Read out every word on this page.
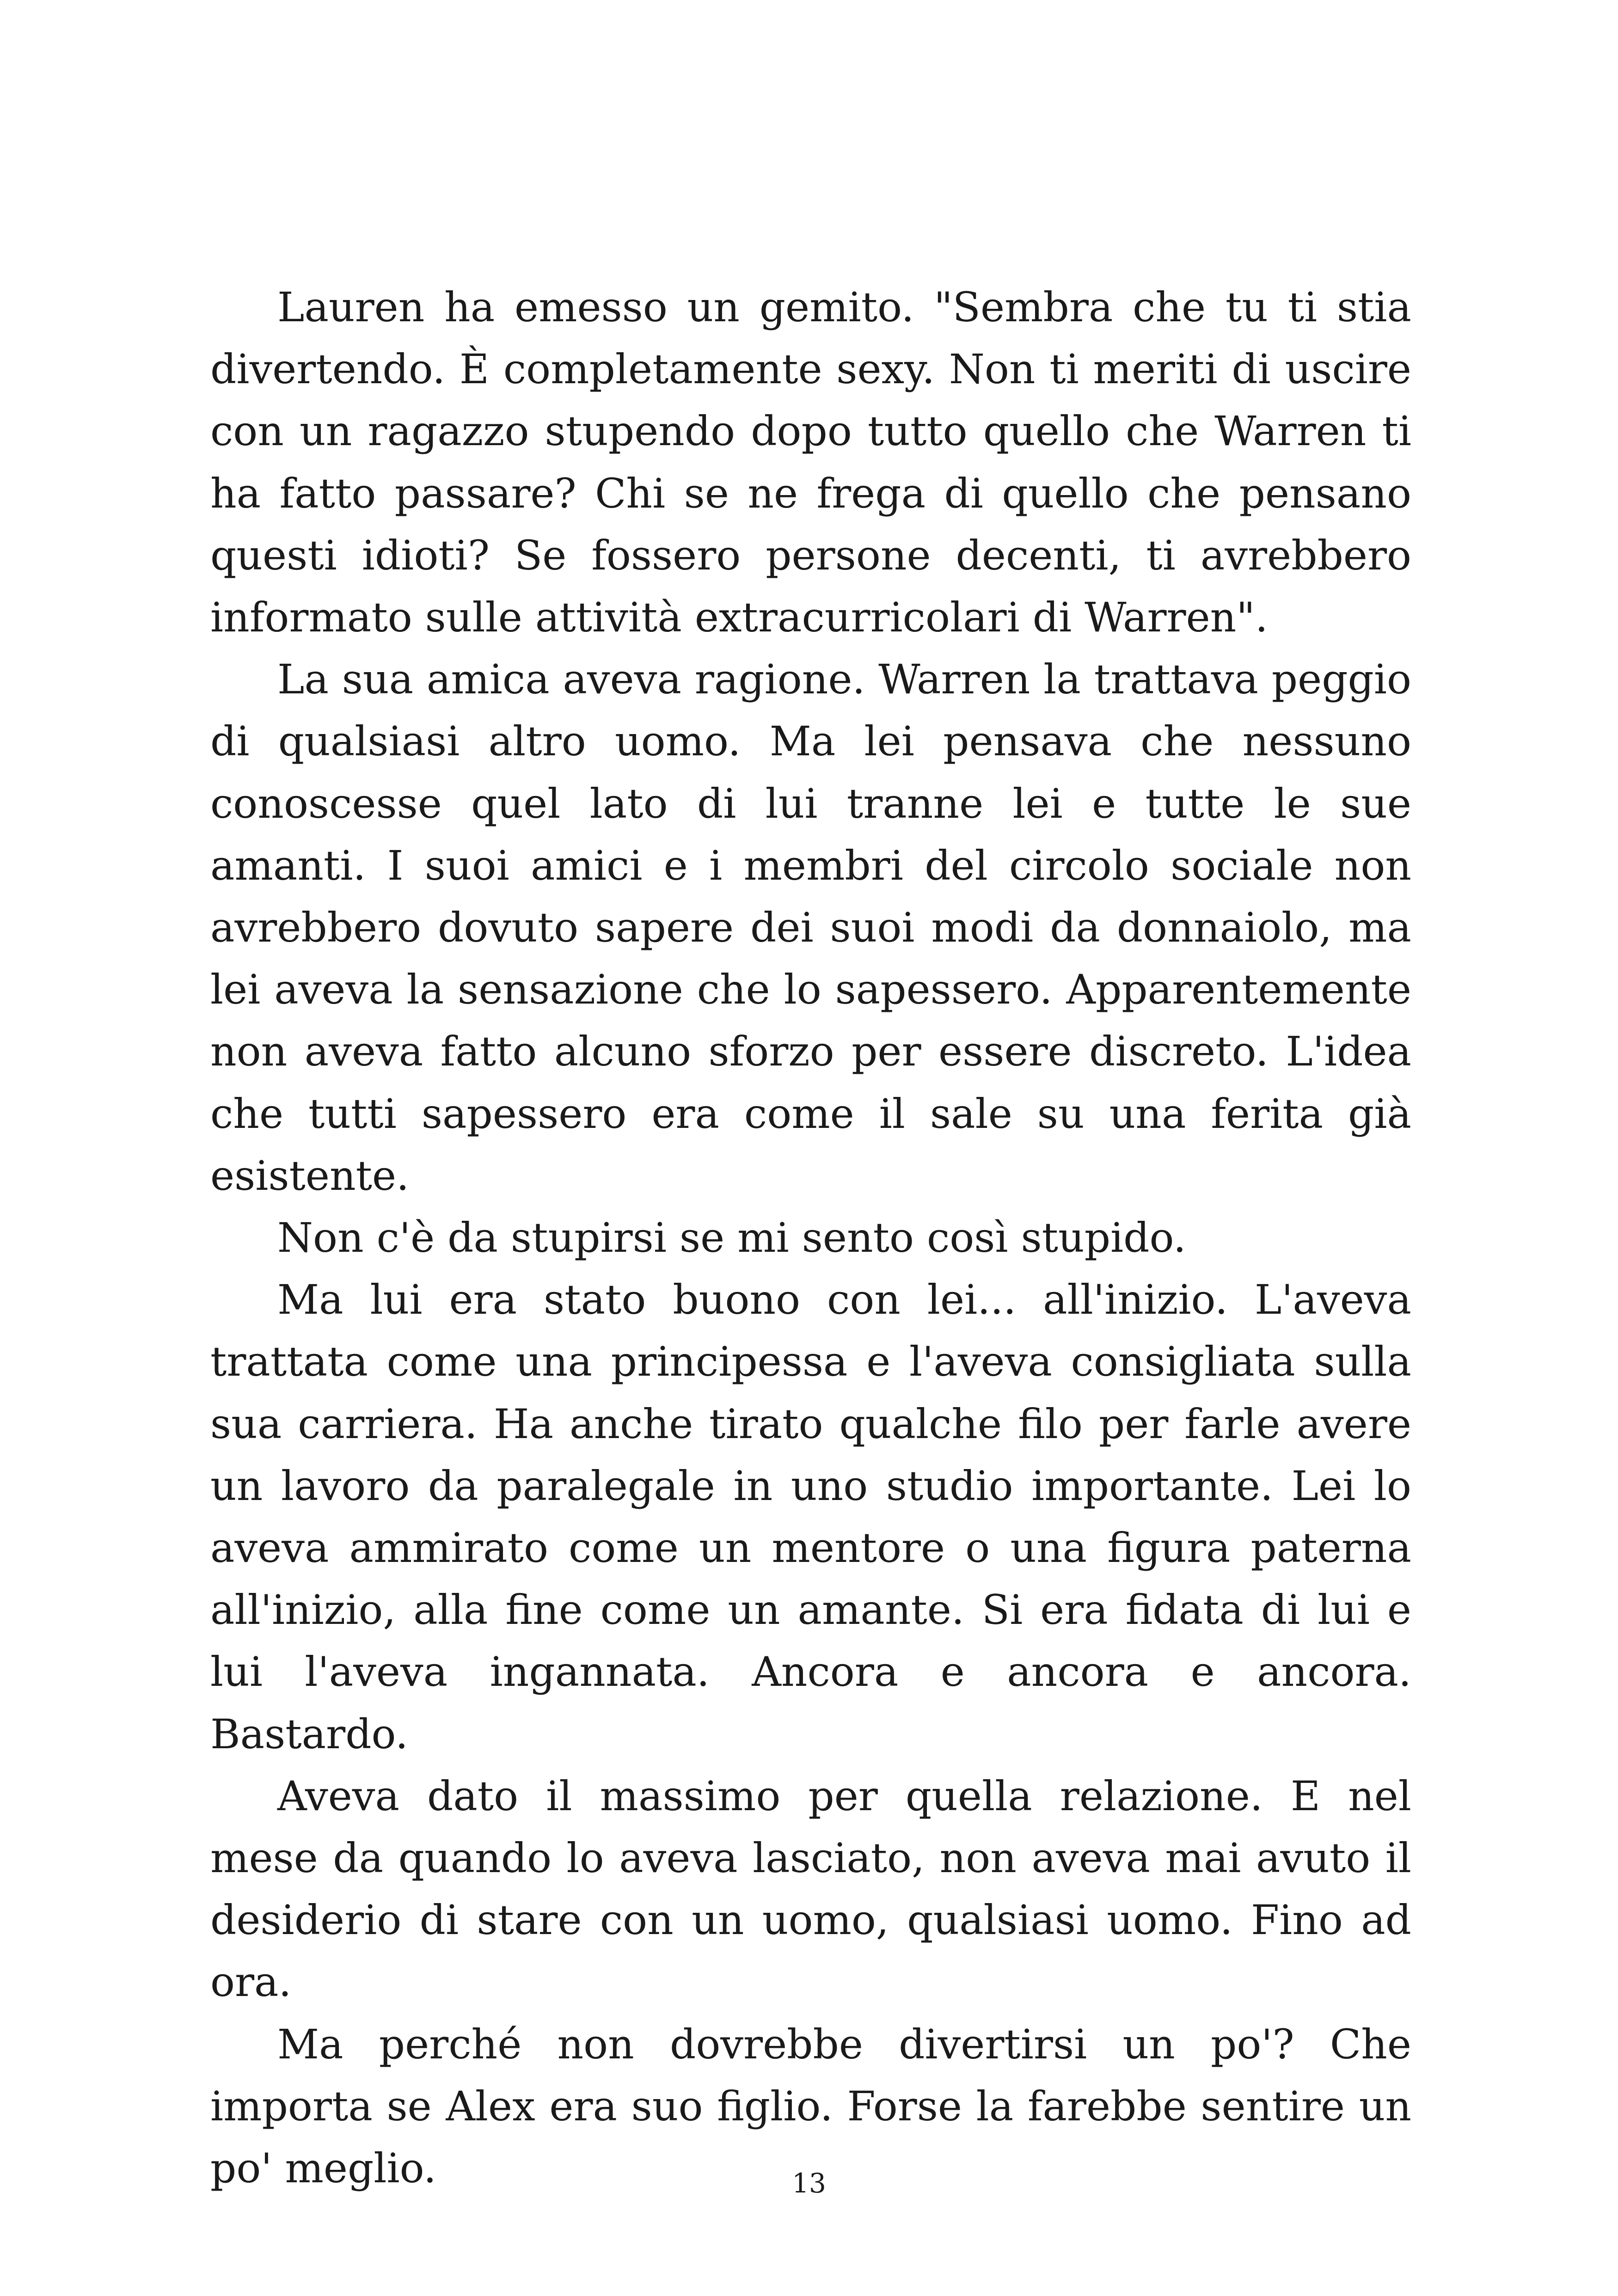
Lauren ha emesso un gemito. "Sembra che tu ti stia divertendo. È completamente sexy. Non ti meriti di uscire con un ragazzo stupendo dopo tutto quello che Warren ti ha fatto passare? Chi se ne frega di quello che pensano questi idioti? Se fossero persone decenti, ti avrebbero informato sulle attività extracurricolari di Warren".

La sua amica aveva ragione. Warren la trattava peggio di qualsiasi altro uomo. Ma lei pensava che nessuno conoscesse quel lato di lui tranne lei e tutte le sue amanti. I suoi amici e i membri del circolo sociale non avrebbero dovuto sapere dei suoi modi da donnaiolo, ma lei aveva la sensazione che lo sapessero. Apparentemente non aveva fatto alcuno sforzo per essere discreto. L'idea che tutti sapessero era come il sale su una ferita già esistente.

Non c'è da stupirsi se mi sento così stupido.

Ma lui era stato buono con lei... all'inizio. L'aveva trattata come una principessa e l'aveva consigliata sulla sua carriera. Ha anche tirato qualche filo per farle avere un lavoro da paralegale in uno studio importante. Lei lo aveva ammirato come un mentore o una figura paterna all'inizio, alla fine come un amante. Si era fidata di lui e lui l'aveva ingannata. Ancora e ancora e ancora. Bastardo.

Aveva dato il massimo per quella relazione. E nel mese da quando lo aveva lasciato, non aveva mai avuto il desiderio di stare con un uomo, qualsiasi uomo. Fino ad ora.

Ma perché non dovrebbe divertirsi un po'? Che importa se Alex era suo figlio. Forse la farebbe sentire un po' meglio.	13
